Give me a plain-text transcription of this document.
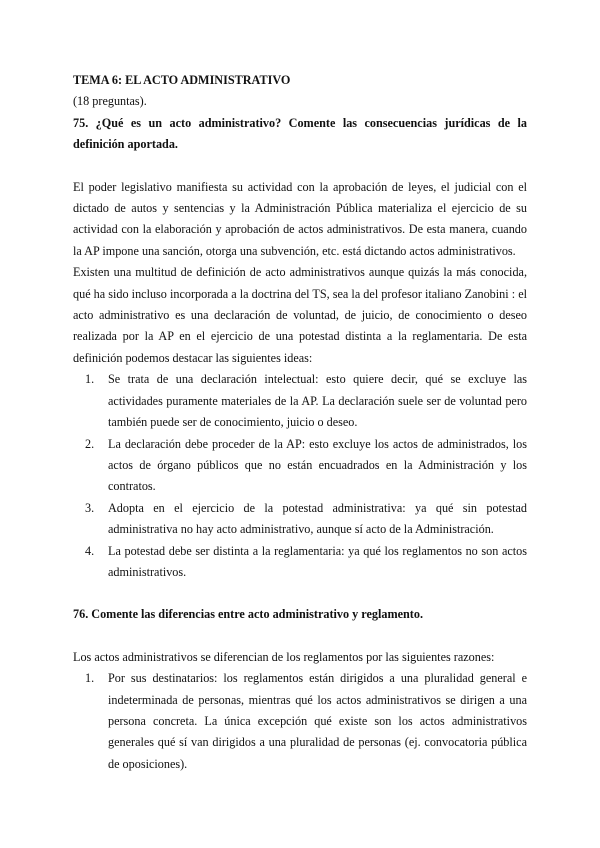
TEMA 6: EL ACTO ADMINISTRATIVO

(18 preguntas).

75. ¿Qué es un acto administrativo? Comente las consecuencias jurídicas de la definición aportada.

El poder legislativo manifiesta su actividad con la aprobación de leyes, el judicial con el dictado de autos y sentencias y la Administración Pública materializa el ejercicio de su actividad con la elaboración y aprobación de actos administrativos. De esta manera, cuando la AP impone una sanción, otorga una subvención, etc. está dictando actos administrativos.

Existen una multitud de definición de acto administrativos aunque quizás la más conocida, qué ha sido incluso incorporada a la doctrina del TS, sea la del profesor italiano Zanobini : el acto administrativo es una declaración de voluntad, de juicio, de conocimiento o deseo realizada por la AP en el ejercicio de una potestad distinta a la reglamentaria. De esta definición podemos destacar las siguientes ideas:

1. Se trata de una declaración intelectual: esto quiere decir, qué se excluye las actividades puramente materiales de la AP. La declaración suele ser de voluntad pero también puede ser de conocimiento, juicio o deseo.
2. La declaración debe proceder de la AP: esto excluye los actos de administrados, los actos de órgano públicos que no están encuadrados en la Administración y los contratos.
3. Adopta en el ejercicio de la potestad administrativa: ya qué sin potestad administrativa no hay acto administrativo, aunque sí acto de la Administración.
4. La potestad debe ser distinta a la reglamentaria: ya qué los reglamentos no son actos administrativos.

76. Comente las diferencias entre acto administrativo y reglamento.

Los actos administrativos se diferencian de los reglamentos por las siguientes razones:

1. Por sus destinatarios: los reglamentos están dirigidos a una pluralidad general e indeterminada de personas, mientras qué los actos administrativos se dirigen a una persona concreta. La única excepción qué existe son los actos administrativos generales qué sí van dirigidos a una pluralidad de personas (ej. convocatoria pública de oposiciones).
